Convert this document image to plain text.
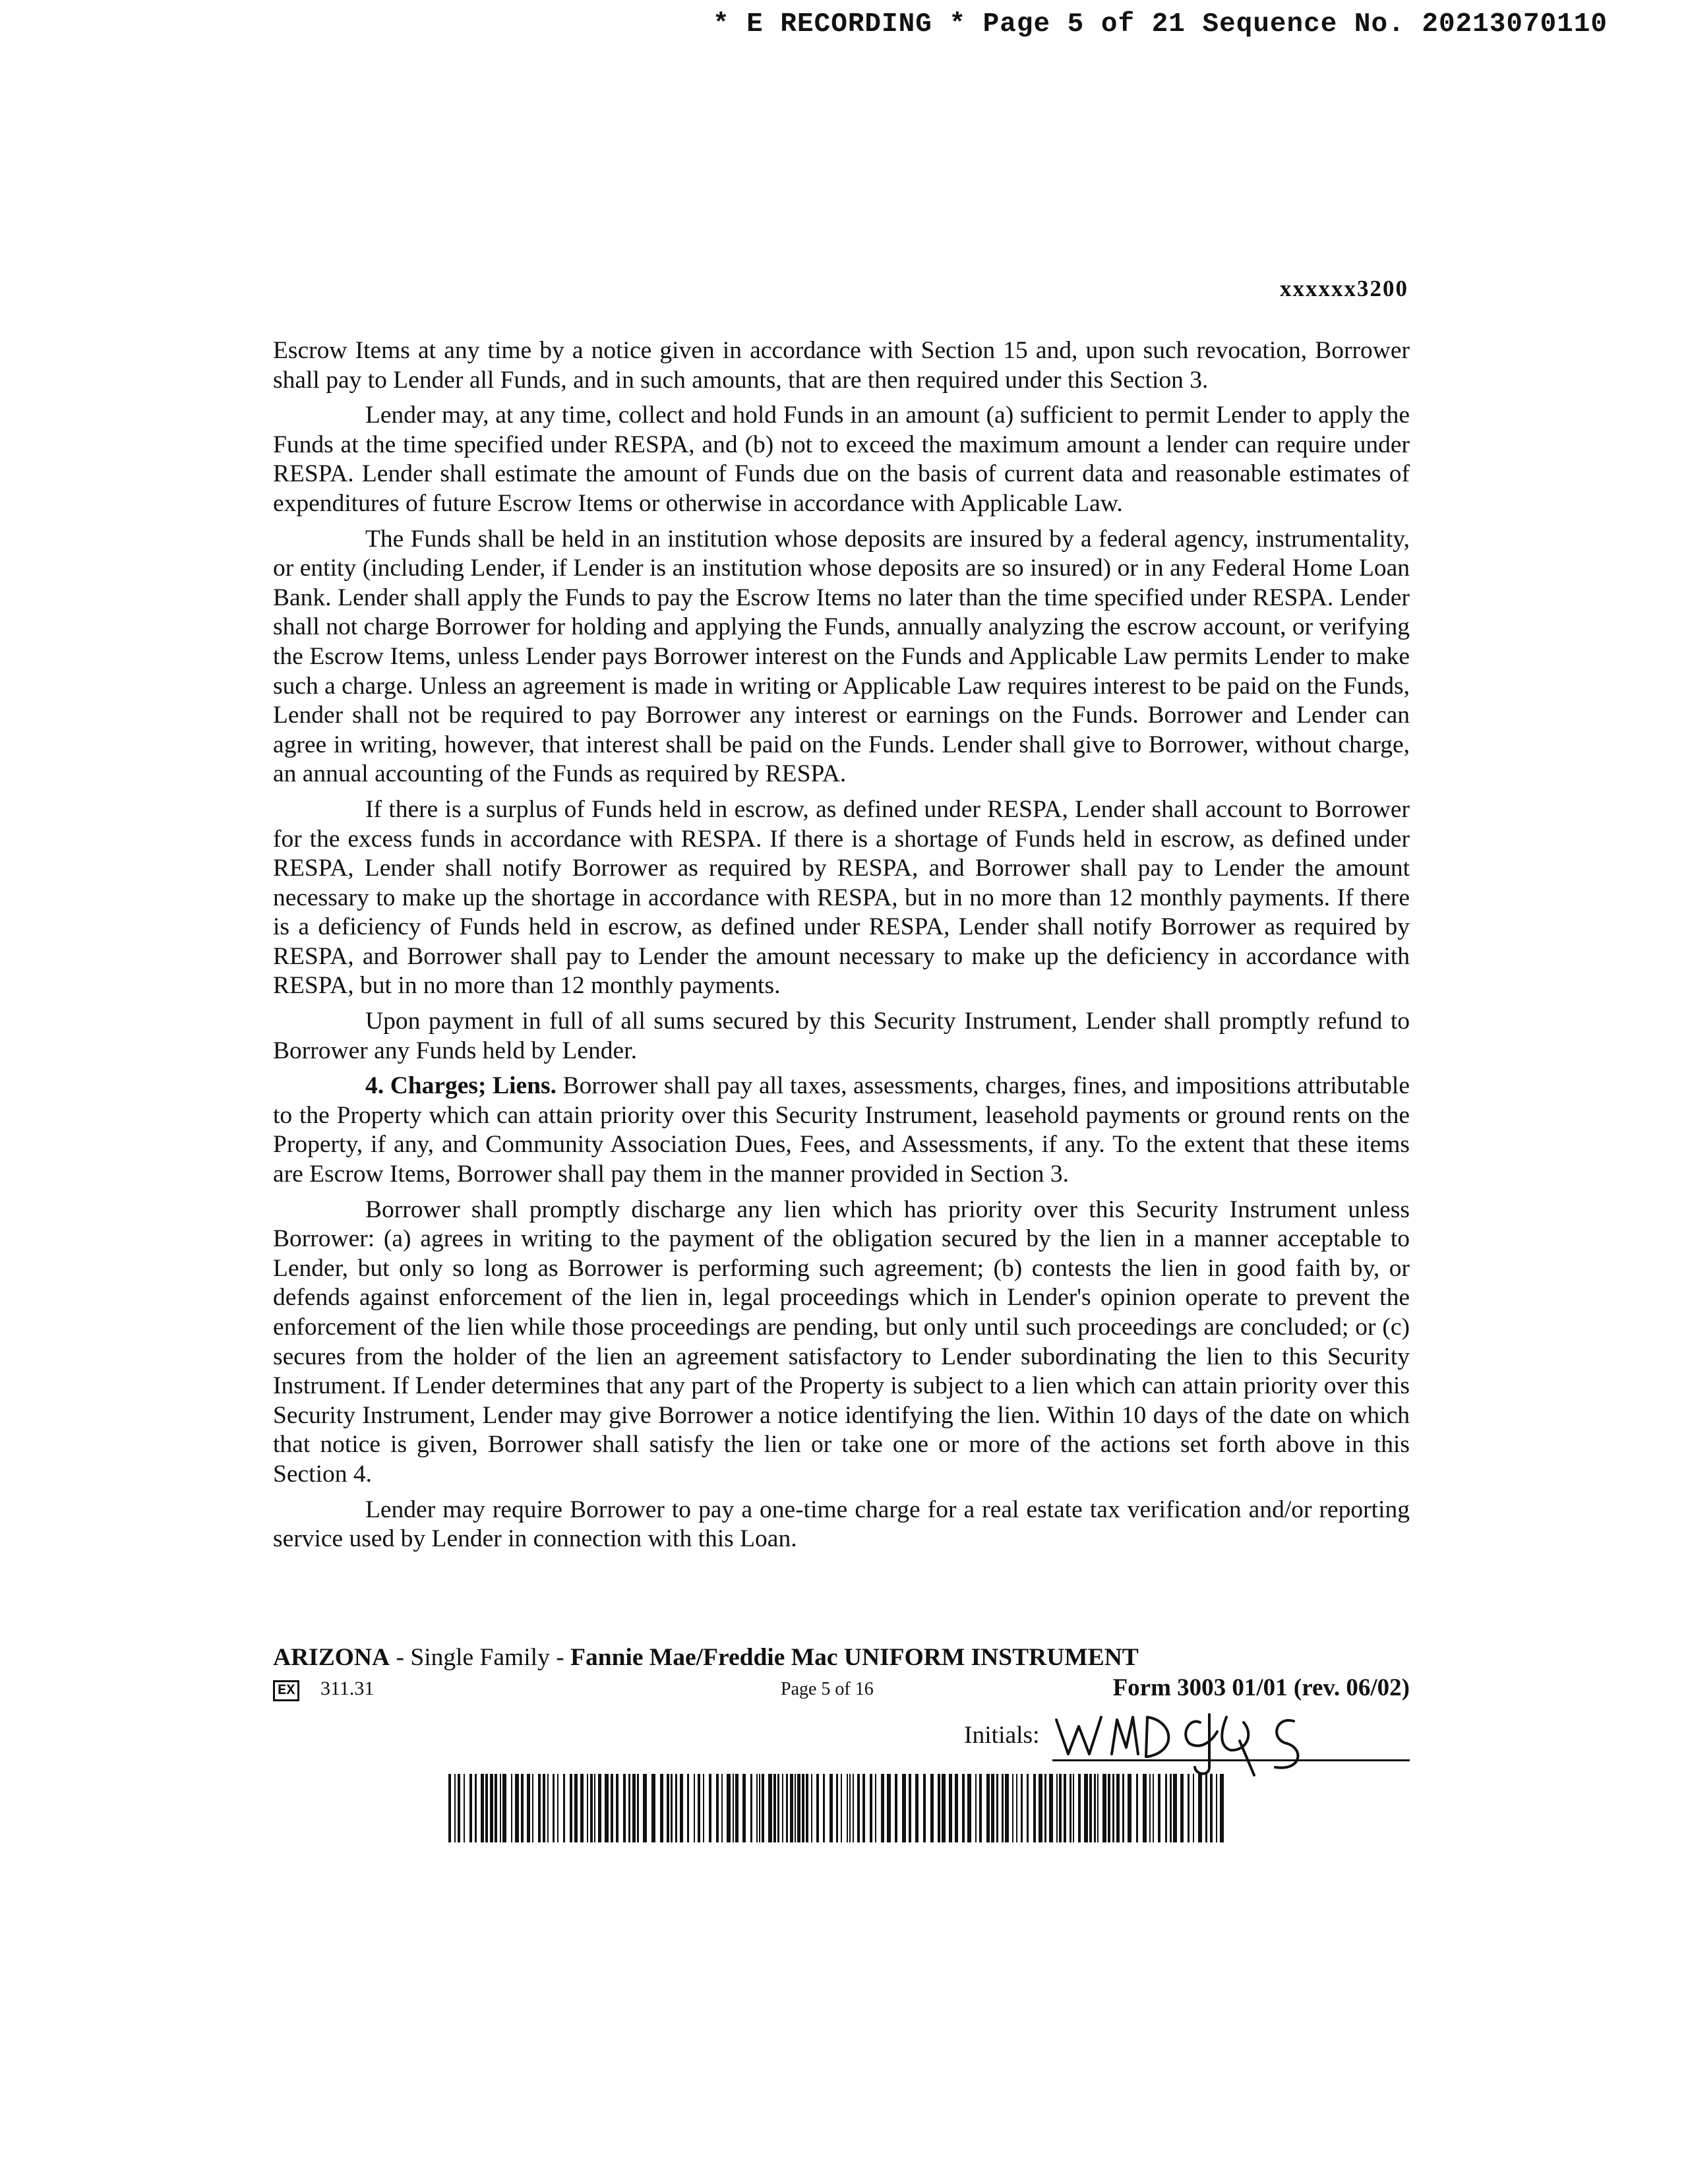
* E RECORDING * Page 5 of 21 Sequence No. 20213070110
xxxxxx3200

Escrow Items at any time by a notice given in accordance with Section 15 and, upon such revocation, Borrower shall pay to Lender all Funds, and in such amounts, that are then required under this Section 3.

Lender may, at any time, collect and hold Funds in an amount (a) sufficient to permit Lender to apply the Funds at the time specified under RESPA, and (b) not to exceed the maximum amount a lender can require under RESPA. Lender shall estimate the amount of Funds due on the basis of current data and reasonable estimates of expenditures of future Escrow Items or otherwise in accordance with Applicable Law.

The Funds shall be held in an institution whose deposits are insured by a federal agency, instrumentality, or entity (including Lender, if Lender is an institution whose deposits are so insured) or in any Federal Home Loan Bank. Lender shall apply the Funds to pay the Escrow Items no later than the time specified under RESPA. Lender shall not charge Borrower for holding and applying the Funds, annually analyzing the escrow account, or verifying the Escrow Items, unless Lender pays Borrower interest on the Funds and Applicable Law permits Lender to make such a charge. Unless an agreement is made in writing or Applicable Law requires interest to be paid on the Funds, Lender shall not be required to pay Borrower any interest or earnings on the Funds. Borrower and Lender can agree in writing, however, that interest shall be paid on the Funds. Lender shall give to Borrower, without charge, an annual accounting of the Funds as required by RESPA.

If there is a surplus of Funds held in escrow, as defined under RESPA, Lender shall account to Borrower for the excess funds in accordance with RESPA. If there is a shortage of Funds held in escrow, as defined under RESPA, Lender shall notify Borrower as required by RESPA, and Borrower shall pay to Lender the amount necessary to make up the shortage in accordance with RESPA, but in no more than 12 monthly payments. If there is a deficiency of Funds held in escrow, as defined under RESPA, Lender shall notify Borrower as required by RESPA, and Borrower shall pay to Lender the amount necessary to make up the deficiency in accordance with RESPA, but in no more than 12 monthly payments.

Upon payment in full of all sums secured by this Security Instrument, Lender shall promptly refund to Borrower any Funds held by Lender.

4. Charges; Liens. Borrower shall pay all taxes, assessments, charges, fines, and impositions attributable to the Property which can attain priority over this Security Instrument, leasehold payments or ground rents on the Property, if any, and Community Association Dues, Fees, and Assessments, if any. To the extent that these items are Escrow Items, Borrower shall pay them in the manner provided in Section 3.

Borrower shall promptly discharge any lien which has priority over this Security Instrument unless Borrower: (a) agrees in writing to the payment of the obligation secured by the lien in a manner acceptable to Lender, but only so long as Borrower is performing such agreement; (b) contests the lien in good faith by, or defends against enforcement of the lien in, legal proceedings which in Lender's opinion operate to prevent the enforcement of the lien while those proceedings are pending, but only until such proceedings are concluded; or (c) secures from the holder of the lien an agreement satisfactory to Lender subordinating the lien to this Security Instrument. If Lender determines that any part of the Property is subject to a lien which can attain priority over this Security Instrument, Lender may give Borrower a notice identifying the lien. Within 10 days of the date on which that notice is given, Borrower shall satisfy the lien or take one or more of the actions set forth above in this Section 4.

Lender may require Borrower to pay a one-time charge for a real estate tax verification and/or reporting service used by Lender in connection with this Loan.

ARIZONA - Single Family - Fannie Mae/Freddie Mac UNIFORM INSTRUMENT
EX 311.31	Page 5 of 16	Form 3003 01/01 (rev. 06/02)
Initials:
